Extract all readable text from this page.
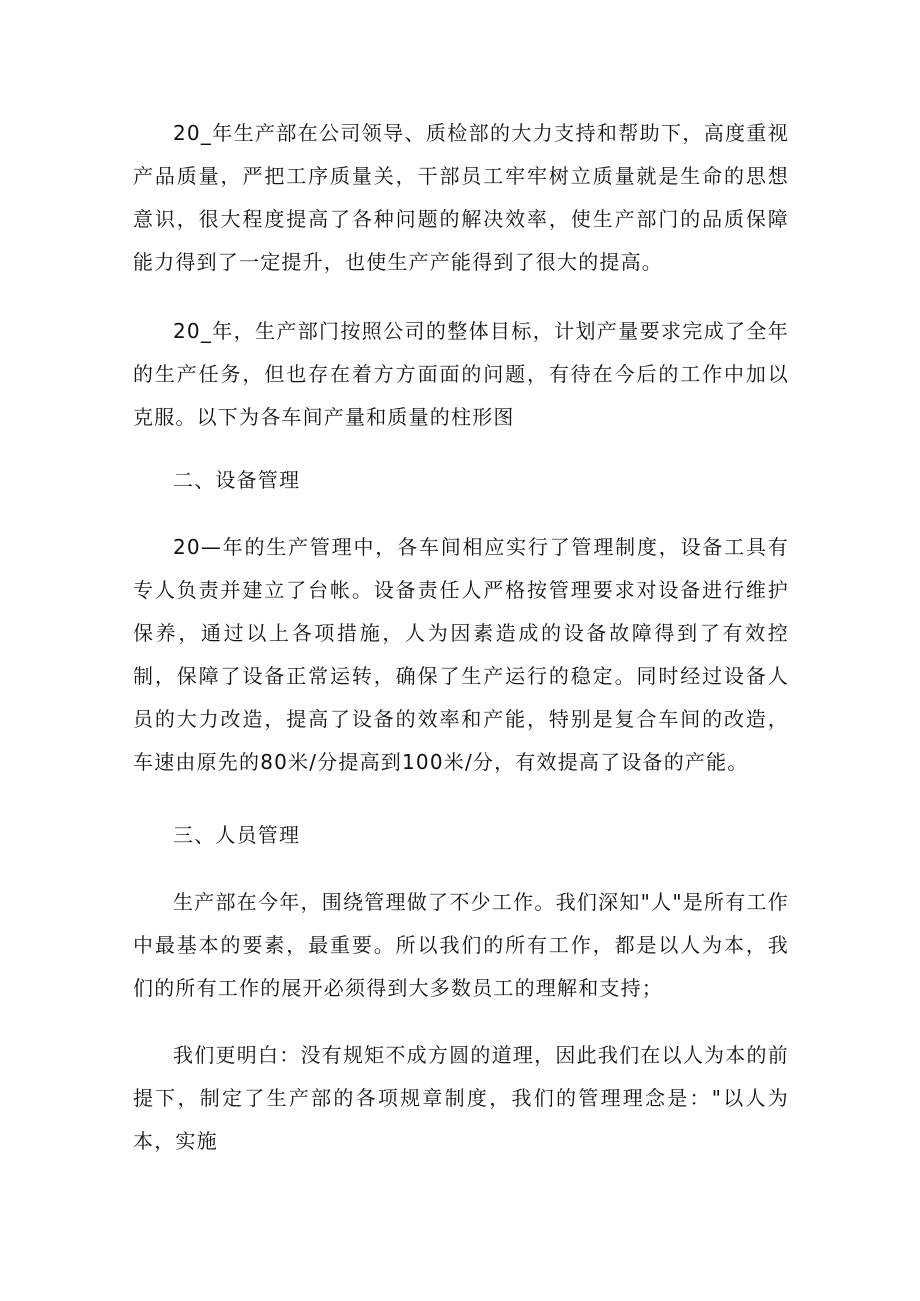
20_年生产部在公司领导、质检部的大力支持和帮助下，高度重视产品质量，严把工序质量关，干部员工牢牢树立质量就是生命的思想意识，很大程度提高了各种问题的解决效率，使生产部门的品质保障能力得到了一定提升，也使生产产能得到了很大的提高。

20_年，生产部门按照公司的整体目标，计划产量要求完成了全年的生产任务，但也存在着方方面面的问题，有待在今后的工作中加以克服。以下为各车间产量和质量的柱形图

二、设备管理

20—年的生产管理中，各车间相应实行了管理制度，设备工具有专人负责并建立了台帐。设备责任人严格按管理要求对设备进行维护保养，通过以上各项措施，人为因素造成的设备故障得到了有效控制，保障了设备正常运转，确保了生产运行的稳定。同时经过设备人员的大力改造，提高了设备的效率和产能，特别是复合车间的改造，车速由原先的80米/分提高到100米/分，有效提高了设备的产能。

三、人员管理

生产部在今年，围绕管理做了不少工作。我们深知"人"是所有工作中最基本的要素，最重要。所以我们的所有工作，都是以人为本，我们的所有工作的展开必须得到大多数员工的理解和支持；

我们更明白：没有规矩不成方圆的道理，因此我们在以人为本的前提下，制定了生产部的各项规章制度，我们的管理理念是："以人为本，实施
